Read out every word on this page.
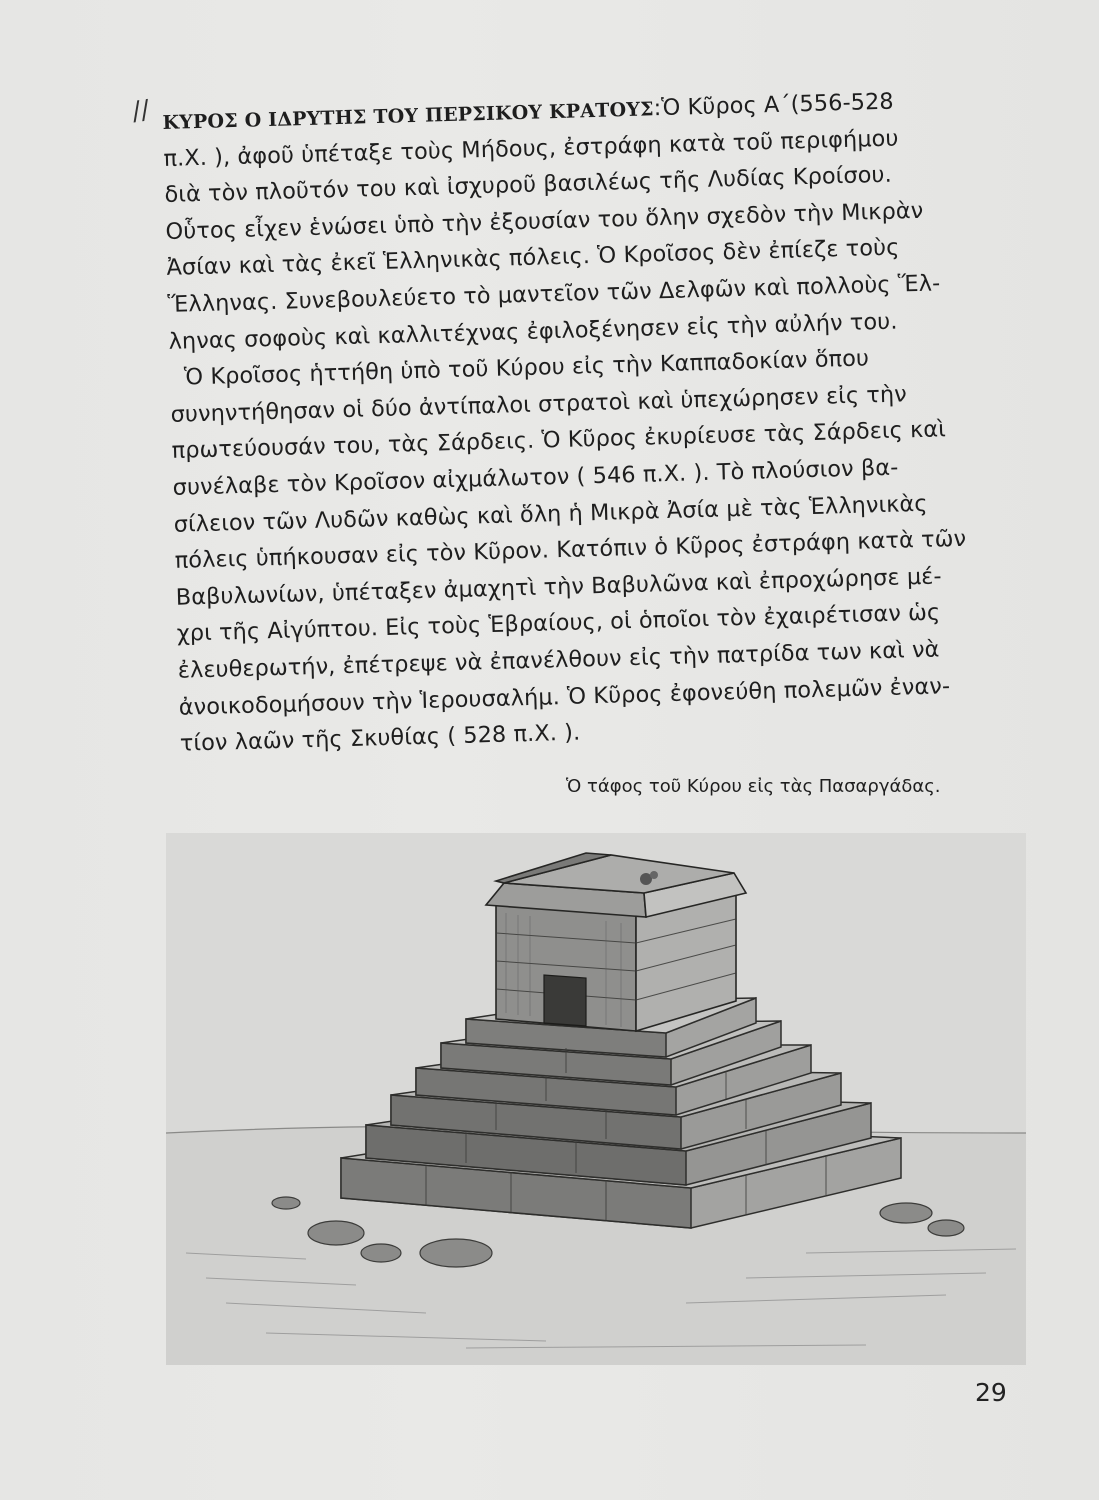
// ΚΥΡΟΣ Ο ΙΔΡΥΤΗΣ ΤΟΥ ΠΕΡΣΙΚΟΥ ΚΡΑΤΟΥΣ:Ὁ Κῦρος Α΄(556-528
π.Χ. ), ἀφοῦ ὑπέταξε τοὺς Μήδους, ἐστράφη κατὰ τοῦ περιφήμου
διὰ τὸν πλοῦτόν του καὶ ἰσχυροῦ βασιλέως τῆς Λυδίας Κροίσου.
Οὗτος εἶχεν ἑνώσει ὑπὸ τὴν ἐξουσίαν του ὅλην σχεδὸν τὴν Μικρὰν
Ἀσίαν καὶ τὰς ἐκεῖ Ἑλληνικὰς πόλεις. Ὁ Κροῖσος δὲν ἐπίεζε τοὺς
Ἕλληνας. Συνεβουλεύετο τὸ μαντεῖον τῶν Δελφῶν καὶ πολλοὺς Ἕλ-
ληνας σοφοὺς καὶ καλλιτέχνας ἐφιλοξένησεν εἰς τὴν αὐλήν του.
Ὁ Κροῖσος ἡττήθη ὑπὸ τοῦ Κύρου εἰς τὴν Καππαδοκίαν ὅπου
συνηντήθησαν οἱ δύο ἀντίπαλοι στρατοὶ καὶ ὑπεχώρησεν εἰς τὴν
πρωτεύουσάν του, τὰς Σάρδεις. Ὁ Κῦρος ἐκυρίευσε τὰς Σάρδεις καὶ
συνέλαβε τὸν Κροῖσον αἰχμάλωτον ( 546 π.Χ. ). Τὸ πλούσιον βα-
σίλειον τῶν Λυδῶν καθὼς καὶ ὅλη ἡ Μικρὰ Ἀσία μὲ τὰς Ἑλληνικὰς
πόλεις ὑπήκουσαν εἰς τὸν Κῦρον. Κατόπιν ὁ Κῦρος ἐστράφη κατὰ τῶν
Βαβυλωνίων, ὑπέταξεν ἀμαχητὶ τὴν Βαβυλῶνα καὶ ἐπροχώρησε μέ-
χρι τῆς Αἰγύπτου. Εἰς τοὺς Ἑβραίους, οἱ ὁποῖοι τὸν ἐχαιρέτισαν ὡς
ἐλευθερωτήν, ἐπέτρεψε νὰ ἐπανέλθουν εἰς τὴν πατρίδα των καὶ νὰ
ἀνοικοδομήσουν τὴν Ἱερουσαλήμ. Ὁ Κῦρος ἐφονεύθη πολεμῶν ἐναν-
τίον λαῶν τῆς Σκυθίας ( 528 π.Χ. ).
Ὁ τάφος τοῦ Κύρου εἰς τὰς Πασαργάδας.
29
